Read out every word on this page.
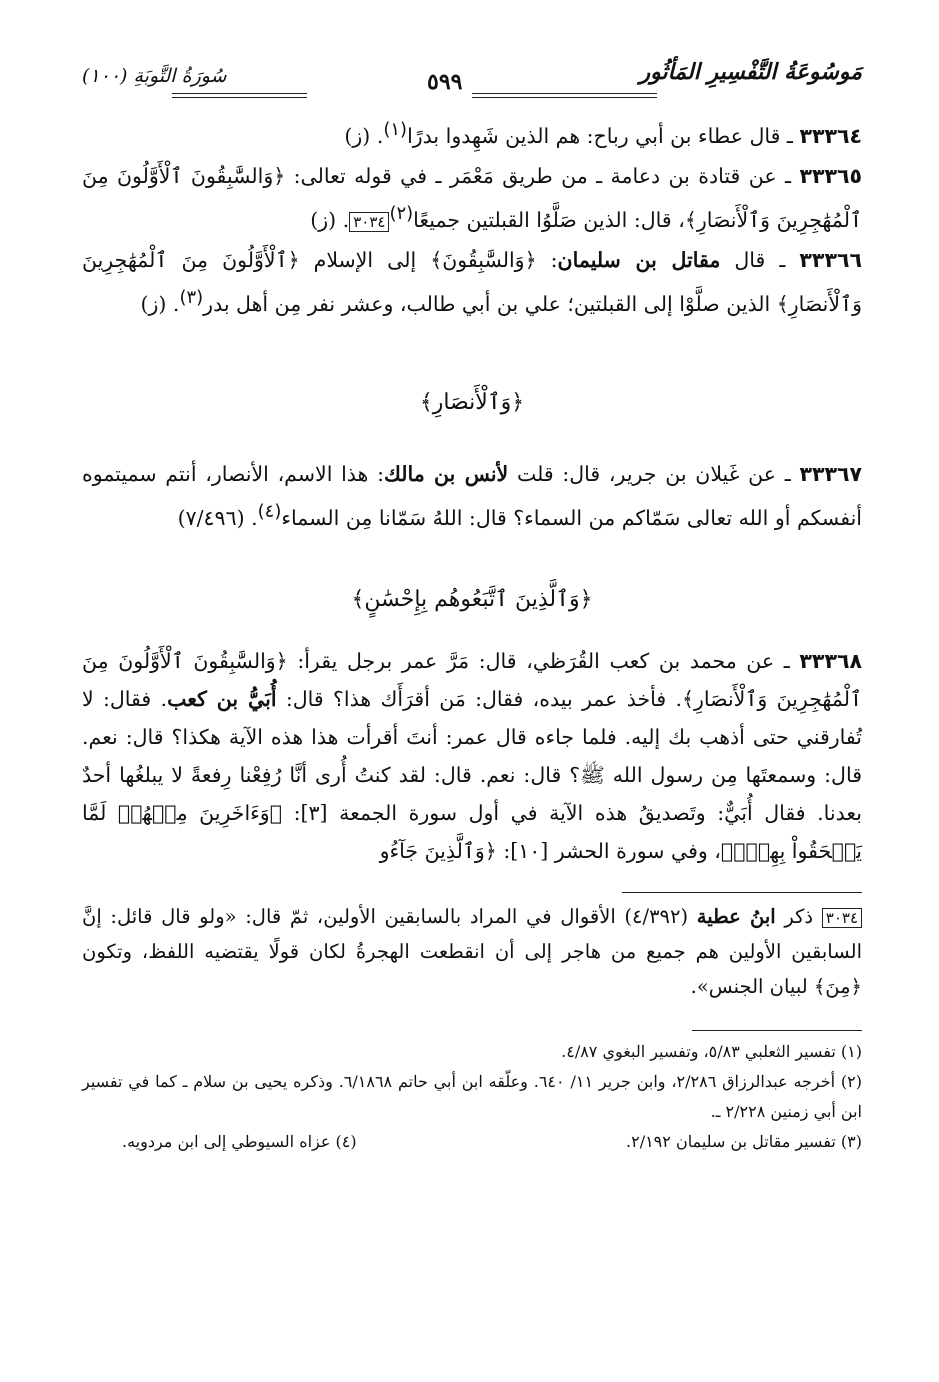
مَوسُوعَةُ التَّفْسِيرِ المَأثُور
٥٩٩
سُورَةُ التَّوبَةِ (١٠٠)

٣٣٣٦٤ ـ قال عطاء بن أبي رباح: هم الذين شَهِدوا بدرًا$^{(١)}$. (ز)

٣٣٣٦٥ ـ عن قتادة بن دعامة ـ من طريق مَعْمَر ـ في قوله تعالى: ﴿وَالسَّٰبِقُونَ ٱلْأَوَّلُونَ مِنَ ٱلْمُهَٰجِرِينَ وَٱلْأَنصَارِ﴾، قال: الذين صَلَّوُا القبلتين جميعًا$^{(٢)}$٣٠٣٤. (ز)

٣٣٣٦٦ ـ قال مقاتل بن سليمان: ﴿وَالسَّٰبِقُونَ﴾ إلى الإسلام ﴿ٱلْأَوَّلُونَ مِنَ ٱلْمُهَٰجِرِينَ وَٱلْأَنصَارِ﴾ الذين صلَّوْا إلى القبلتين؛ علي بن أبي طالب، وعشر نفر مِن أهل بدر$^{(٣)}$. (ز)

﴿وَٱلْأَنصَارِ﴾

٣٣٣٦٧ ـ عن غَيلان بن جرير، قال: قلت لأنس بن مالك: هذا الاسم، الأنصار، أنتم سميتموه أنفسكم أو الله تعالى سَمّاكم من السماء؟ قال: اللهُ سَمّانا مِن السماء$^{(٤)}$. (٧/٤٩٦)

﴿وَٱلَّذِينَ ٱتَّبَعُوهُم بِإِحْسَٰنٍ﴾

٣٣٣٦٨ ـ عن محمد بن كعب القُرَظي، قال: مَرَّ عمر برجل يقرأ: ﴿وَالسَّٰبِقُونَ ٱلْأَوَّلُونَ مِنَ ٱلْمُهَٰجِرِينَ وَٱلْأَنصَارِ﴾. فأخذ عمر بيده، فقال: مَن أقرَأَك هذا؟ قال: أُبَيُّ بن كعب. فقال: لا تُفارقني حتى أذهب بك إليه. فلما جاءه قال عمر: أنتَ أقرأت هذا هذه الآية هكذا؟ قال: نعم. قال: وسمعتَها مِن رسول الله ﷺ؟ قال: نعم. قال: لقد كنتُ أُرى أنَّا رُفِعْنا رِفعةً لا يبلغُها أحدٌ بعدنا. فقال أُبَيٌّ: وتَصديقُ هذه الآية في أول سورة الجمعة [٣]: ﴿وَءَاخَرِينَ مِنۡهُمۡ لَمَّا يَلۡحَقُواْ بِهِمۡۚ﴾، وفي سورة الحشر [١٠]: ﴿وَٱلَّذِينَ جَآءُو

٣٠٣٤ ذكر ابنُ عطية (٤/٣٩٢) الأقوال في المراد بالسابقين الأولين، ثمّ قال: «ولو قال قائل: إنَّ السابقين الأولين هم جميع من هاجر إلى أن انقطعت الهجرةُ لكان قولًا يقتضيه اللفظ، وتكون ﴿مِنَ﴾ لبيان الجنس».

(١) تفسير الثعلبي ٥/٨٣، وتفسير البغوي ٤/٨٧.

(٢) أخرجه عبدالرزاق ٢/٢٨٦، وابن جرير ١١/ ٦٤٠. وعلّقه ابن أبي حاتم ٦/١٨٦٨. وذكره يحيى بن سلام ـ كما في تفسير ابن أبي زمنين ٢/٢٢٨ ـ.

(٣) تفسير مقاتل بن سليمان ٢/١٩٢.
(٤) عزاه السيوطي إلى ابن مردويه.
